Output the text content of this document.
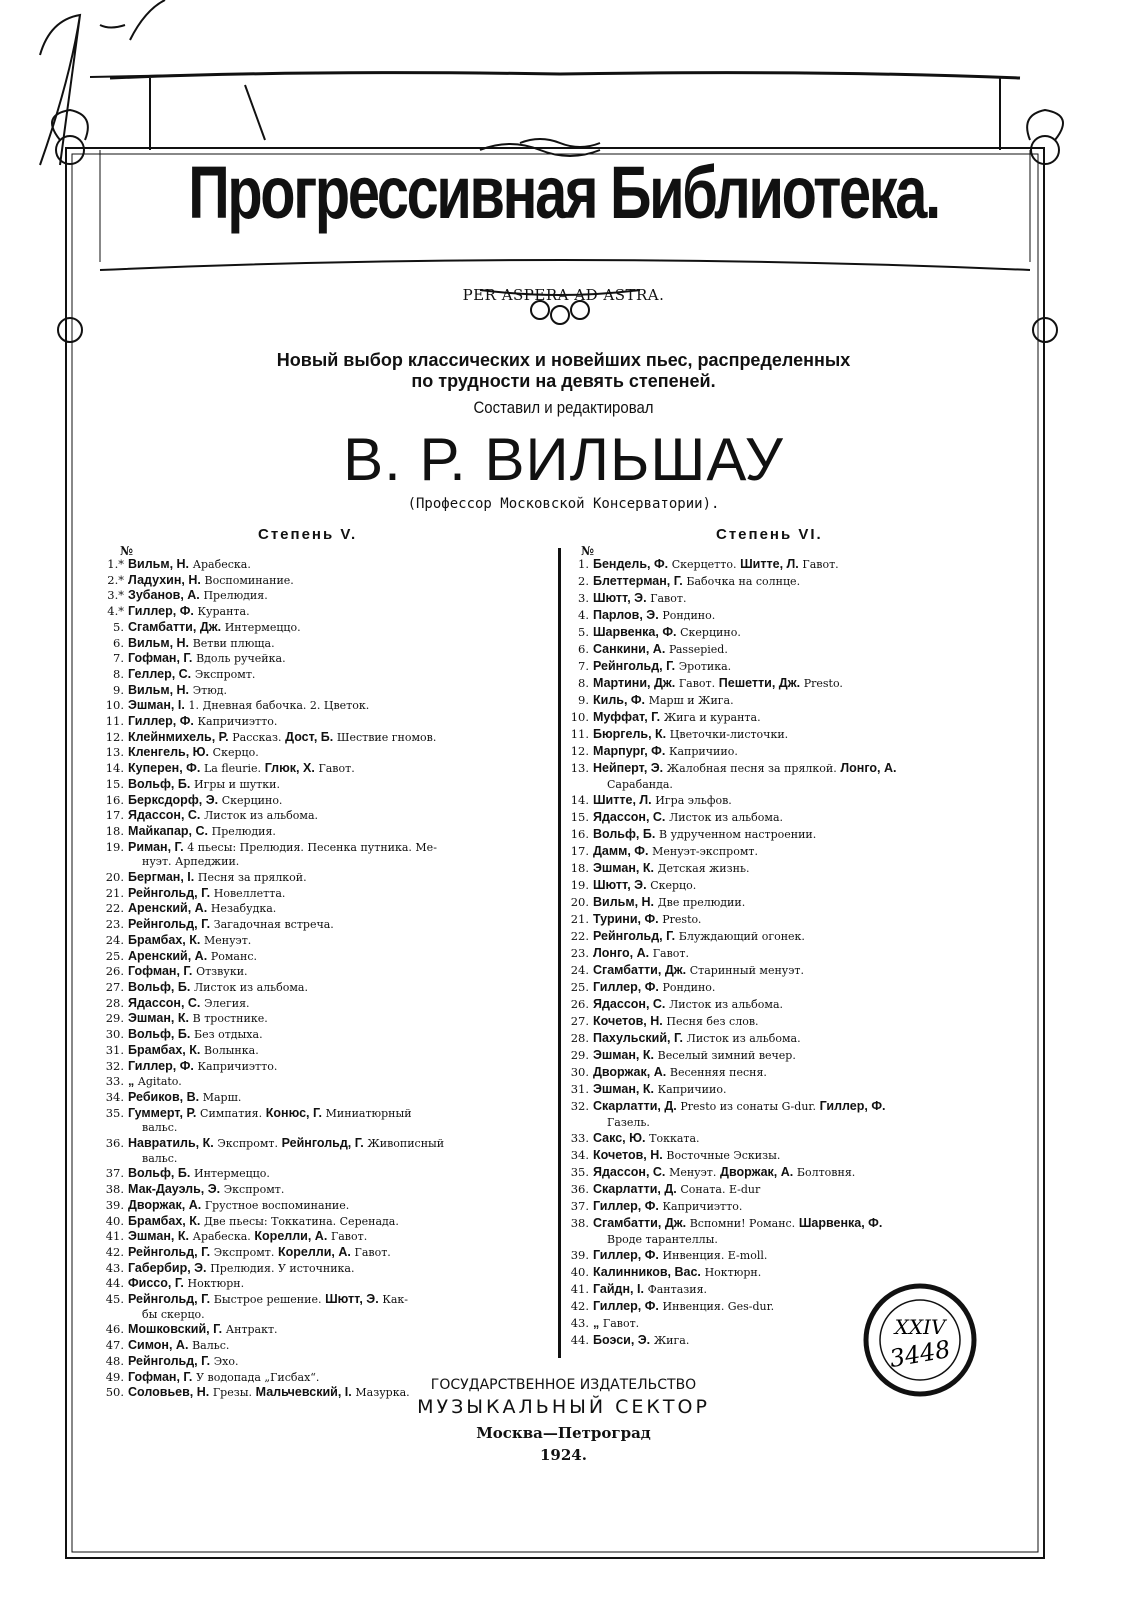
Прогрессивная Библиотека.
PER ASPERA AD ASTRA.
Новый выбор классических и новейших пьес, распределенных
по трудности на девять степеней.
Составил и редактировал
В. Р. ВИЛЬШАУ
(Профессор Московской Консерватории).
Степень V.	Степень VI.
№	№
1.* Вильм, Н. Арабеска.
2.* Ладухин, Н. Воспоминание.
3.* Зубанов, А. Прелюдия.
4.* Гиллер, Ф. Куранта.
5. Сгамбатти, Дж. Интермеццо.
6. Вильм, Н. Ветви плюща.
7. Гофман, Г. Вдоль ручейка.
8. Геллер, С. Экспромт.
9. Вильм, Н. Этюд.
10. Эшман, I. 1. Дневная бабочка. 2. Цветок.
11. Гиллер, Ф. Капричиэтто.
12. Клейнмихель, Р. Рассказ. Дост, Б. Шествие гномов.
13. Кленгель, Ю. Скерцо.
14. Куперен, Ф. La fleurie. Глюк, Х. Гавот.
15. Вольф, Б. Игры и шутки.
16. Берксдорф, Э. Скерцино.
17. Ядассон, С. Листок из альбома.
18. Майкапар, С. Прелюдия.
19. Риман, Г. 4 пьесы: Прелюдия. Песенка путника. Ме-
нуэт. Арпеджии.
20. Бергман, I. Песня за прялкой.
21. Рейнгольд, Г. Новеллетта.
22. Аренский, А. Незабудка.
23. Рейнгольд, Г. Загадочная встреча.
24. Брамбах, К. Менуэт.
25. Аренский, А. Романс.
26. Гофман, Г. Отзвуки.
27. Вольф, Б. Листок из альбома.
28. Ядассон, С. Элегия.
29. Эшман, К. В тростнике.
30. Вольф, Б. Без отдыха.
31. Брамбах, К. Волынка.
32. Гиллер, Ф. Капричиэтто.
33. „ Agitato.
34. Ребиков, В. Марш.
35. Гуммерт, Р. Симпатия. Конюс, Г. Миниатюрный
вальс.
36. Навратиль, К. Экспромт. Рейнгольд, Г. Живописный
вальс.
37. Вольф, Б. Интермеццо.
38. Мак-Дауэль, Э. Экспромт.
39. Дворжак, А. Грустное воспоминание.
40. Брамбах, К. Две пьесы: Токкатина. Серенада.
41. Эшман, К. Арабеска. Корелли, А. Гавот.
42. Рейнгольд, Г. Экспромт. Корелли, А. Гавот.
43. Габербир, Э. Прелюдия. У источника.
44. Фиссо, Г. Ноктюрн.
45. Рейнгольд, Г. Быстрое решение. Шютт, Э. Как-
бы скерцо.
46. Мошковский, Г. Антракт.
47. Симон, А. Вальс.
48. Рейнгольд, Г. Эхо.
49. Гофман, Г. У водопада „Гисбах“.
50. Соловьев, Н. Грезы. Мальчевский, I. Мазурка.
1. Бендель, Ф. Скерцетто. Шитте, Л. Гавот.
2. Блеттерман, Г. Бабочка на солнце.
3. Шютт, Э. Гавот.
4. Парлов, Э. Рондино.
5. Шарвенка, Ф. Скерцино.
6. Санкини, А. Passepied.
7. Рейнгольд, Г. Эротика.
8. Мартини, Дж. Гавот. Пешетти, Дж. Presto.
9. Киль, Ф. Марш и Жига.
10. Муффат, Г. Жига и куранта.
11. Бюргель, К. Цветочки-листочки.
12. Марпург, Ф. Капричиио.
13. Нейперт, Э. Жалобная песня за прялкой. Лонго, А.
Сарабанда.
14. Шитте, Л. Игра эльфов.
15. Ядассон, С. Листок из альбома.
16. Вольф, Б. В удрученном настроении.
17. Дамм, Ф. Менуэт-экспромт.
18. Эшман, К. Детская жизнь.
19. Шютт, Э. Скерцо.
20. Вильм, Н. Две прелюдии.
21. Турини, Ф. Presto.
22. Рейнгольд, Г. Блуждающий огонек.
23. Лонго, А. Гавот.
24. Сгамбатти, Дж. Старинный менуэт.
25. Гиллер, Ф. Рондино.
26. Ядассон, С. Листок из альбома.
27. Кочетов, Н. Песня без слов.
28. Пахульский, Г. Листок из альбома.
29. Эшман, К. Веселый зимний вечер.
30. Дворжак, А. Весенняя песня.
31. Эшман, К. Капричиио.
32. Скарлатти, Д. Presto из сонаты G-dur. Гиллер, Ф.
Газель.
33. Сакс, Ю. Токката.
34. Кочетов, Н. Восточные Эскизы.
35. Ядассон, С. Менуэт. Дворжак, А. Болтовня.
36. Скарлатти, Д. Соната. E-dur
37. Гиллер, Ф. Капричиэтто.
38. Сгамбатти, Дж. Вспомни! Романс. Шарвенка, Ф.
Вроде тарантеллы.
39. Гиллер, Ф. Инвенция. E-moll.
40. Калинников, Вас. Ноктюрн.
41. Гайдн, I. Фантазия.
42. Гиллер, Ф. Инвенция. Ges-dur.
43. „ Гавот.
44. Боэси, Э. Жига.
XXIV
3448
ГОСУДАРСТВЕННОЕ ИЗДАТЕЛЬСТВО
МУЗЫКАЛЬНЫЙ СЕКТОР
Москва—Петроград
1924.
